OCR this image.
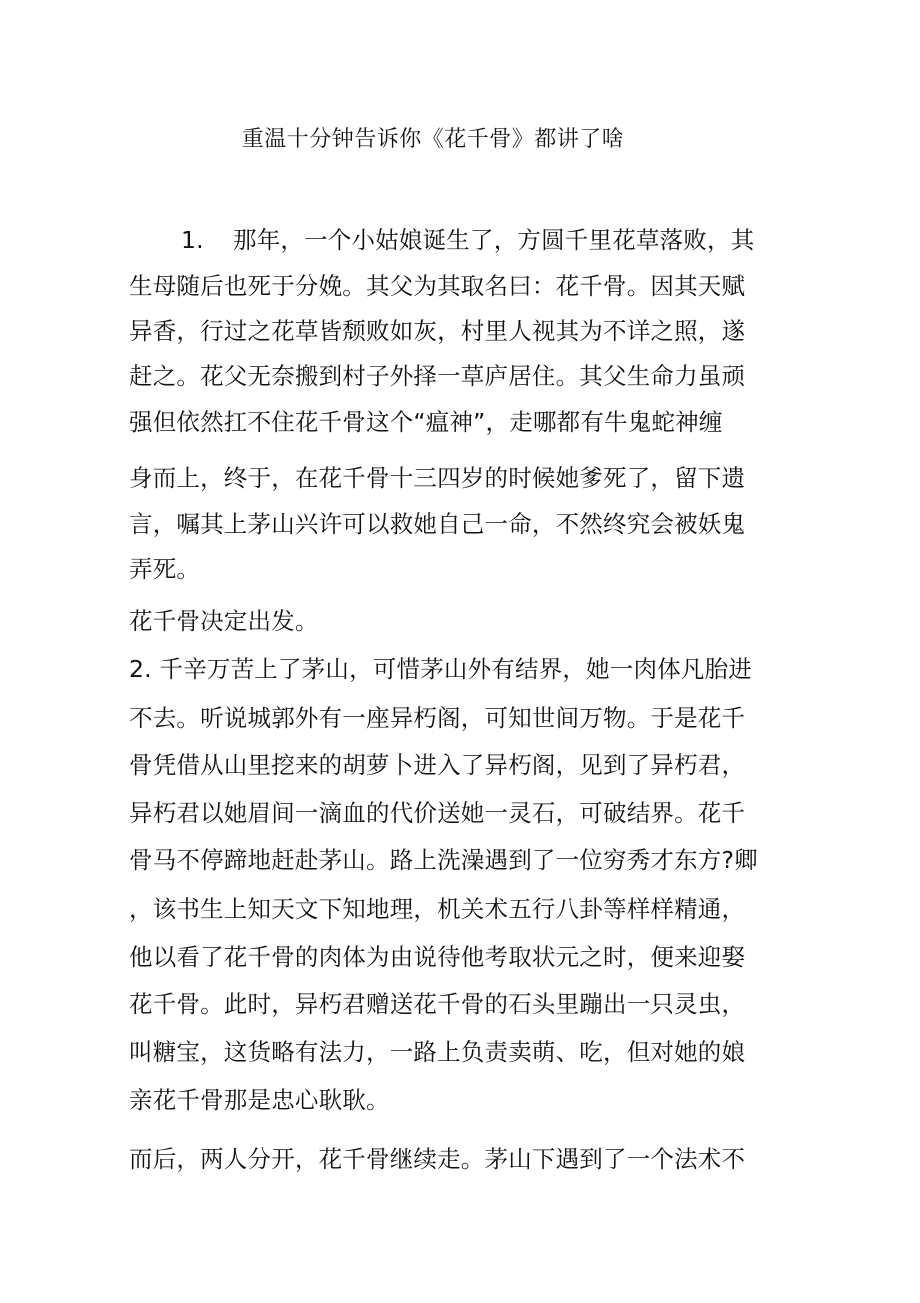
重温十分钟告诉你《花千骨》都讲了啥
1. 那年，一个小姑娘诞生了，方圆千里花草落败，其
生母随后也死于分娩。其父为其取名曰：花千骨。因其天赋
异香，行过之花草皆颓败如灰，村里人视其为不详之照，遂
赶之。花父无奈搬到村子外择一草庐居住。其父生命力虽顽
强但依然扛不住花千骨这个“瘟神”，走哪都有牛鬼蛇神缠
身而上，终于，在花千骨十三四岁的时候她爹死了，留下遗
言，嘱其上茅山兴许可以救她自己一命，不然终究会被妖鬼
弄死。
花千骨决定出发。
2. 千辛万苦上了茅山，可惜茅山外有结界，她一肉体凡胎进
不去。听说城郭外有一座异朽阁，可知世间万物。于是花千
骨凭借从山里挖来的胡萝卜进入了异朽阁，见到了异朽君，
异朽君以她眉间一滴血的代价送她一灵石，可破结界。花千
骨马不停蹄地赶赴茅山。路上洗澡遇到了一位穷秀才东方?卿
，该书生上知天文下知地理，机关术五行八卦等样样精通，
他以看了花千骨的肉体为由说待他考取状元之时，便来迎娶
花千骨。此时，异朽君赠送花千骨的石头里蹦出一只灵虫，
叫糖宝，这货略有法力，一路上负责卖萌、吃，但对她的娘
亲花千骨那是忠心耿耿。
而后，两人分开，花千骨继续走。茅山下遇到了一个法术不
